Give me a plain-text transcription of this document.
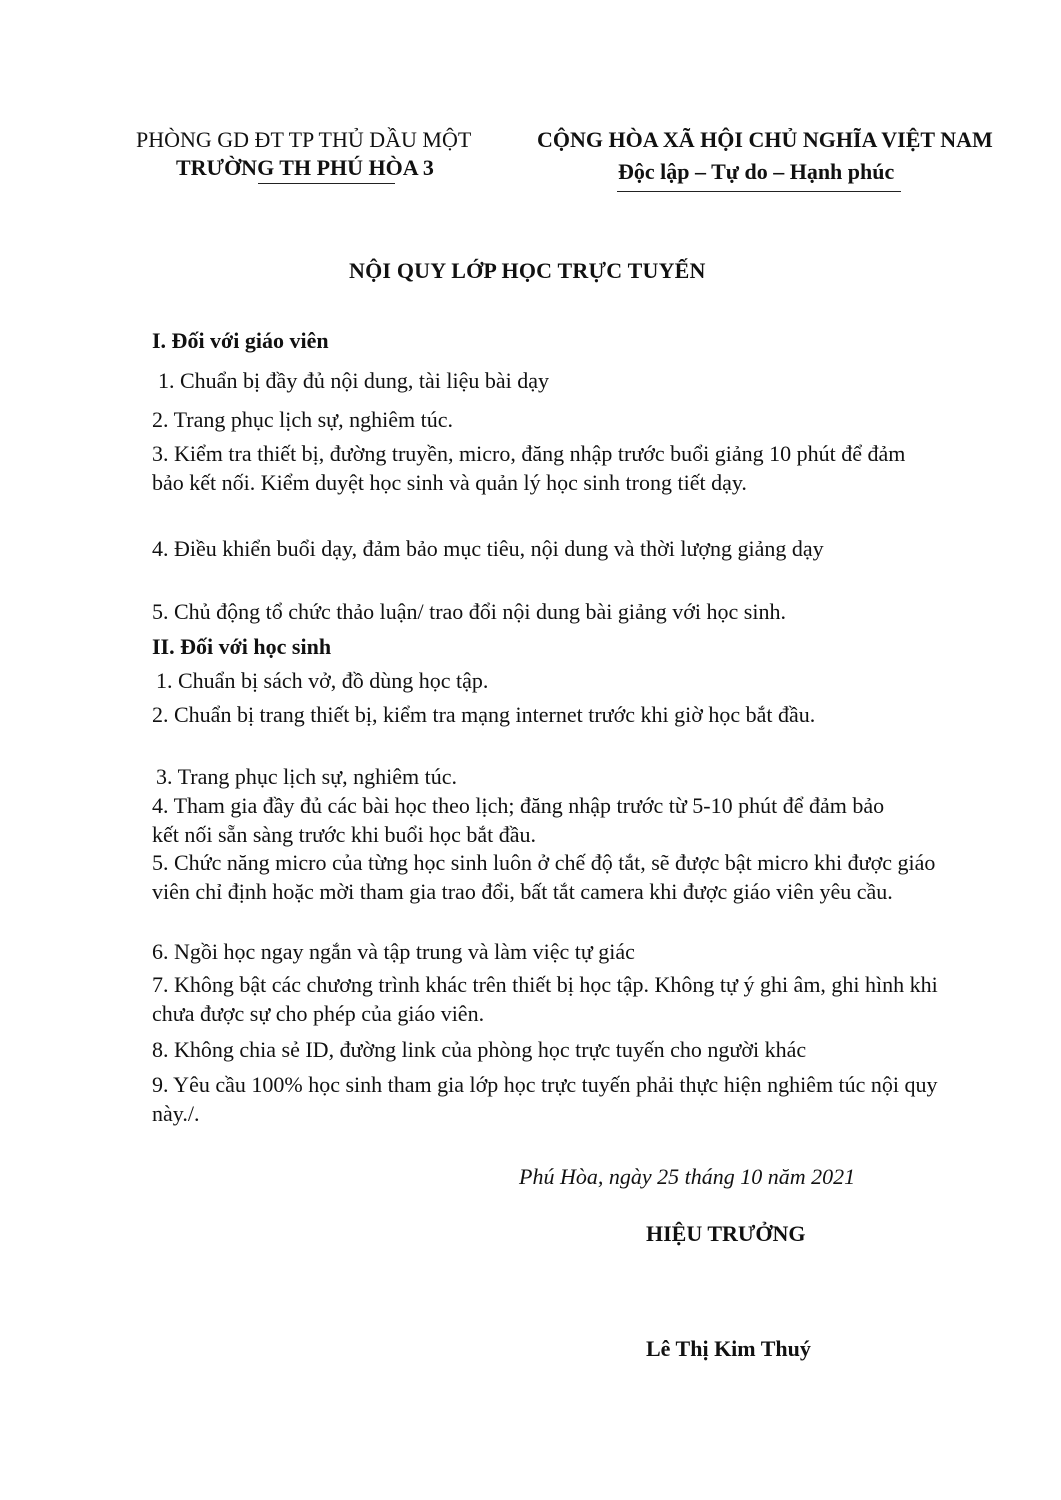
PHÒNG GD ĐT TP THỦ DẦU MỘT
TRƯỜNG TH PHÚ HÒA 3
CỘNG HÒA XÃ HỘI CHỦ NGHĨA VIỆT NAM
Độc lập – Tự do – Hạnh phúc
NỘI QUY LỚP HỌC TRỰC TUYẾN
I. Đối với giáo viên
1. Chuẩn bị đầy đủ nội dung, tài liệu bài dạy
2. Trang phục lịch sự, nghiêm túc.
3. Kiểm tra thiết bị, đường truyền, micro, đăng nhập trước buổi giảng 10 phút để đảm bảo kết nối. Kiểm duyệt học sinh và quản lý học sinh trong tiết dạy.
4. Điều khiển buổi dạy, đảm bảo mục tiêu, nội dung và thời lượng giảng dạy
5. Chủ động tổ chức thảo luận/ trao đổi nội dung bài giảng với học sinh.
II. Đối với học sinh
1. Chuẩn bị sách vở, đồ dùng học tập.
2. Chuẩn bị trang thiết bị, kiểm tra mạng internet trước khi giờ học bắt đầu.
3. Trang phục lịch sự, nghiêm túc.
4. Tham gia đầy đủ các bài học theo lịch; đăng nhập trước từ 5-10 phút để đảm bảo kết nối sẵn sàng trước khi buổi học bắt đầu.
5. Chức năng micro của từng học sinh luôn ở chế độ tắt, sẽ được bật micro khi được giáo viên chỉ định hoặc mời tham gia trao đổi, bất tắt camera khi được giáo viên yêu cầu.
6. Ngồi học ngay ngắn và tập trung và làm việc tự giác
7. Không bật các chương trình khác trên thiết bị học tập. Không tự ý ghi âm, ghi hình khi chưa được sự cho phép của giáo viên.
8. Không chia sẻ ID, đường link của phòng học trực tuyến cho người khác
9. Yêu cầu 100% học sinh tham gia lớp học trực tuyến phải thực hiện nghiêm túc nội quy này./.
Phú Hòa, ngày 25 tháng 10 năm 2021
HIỆU TRƯỞNG
Lê Thị Kim Thuý
